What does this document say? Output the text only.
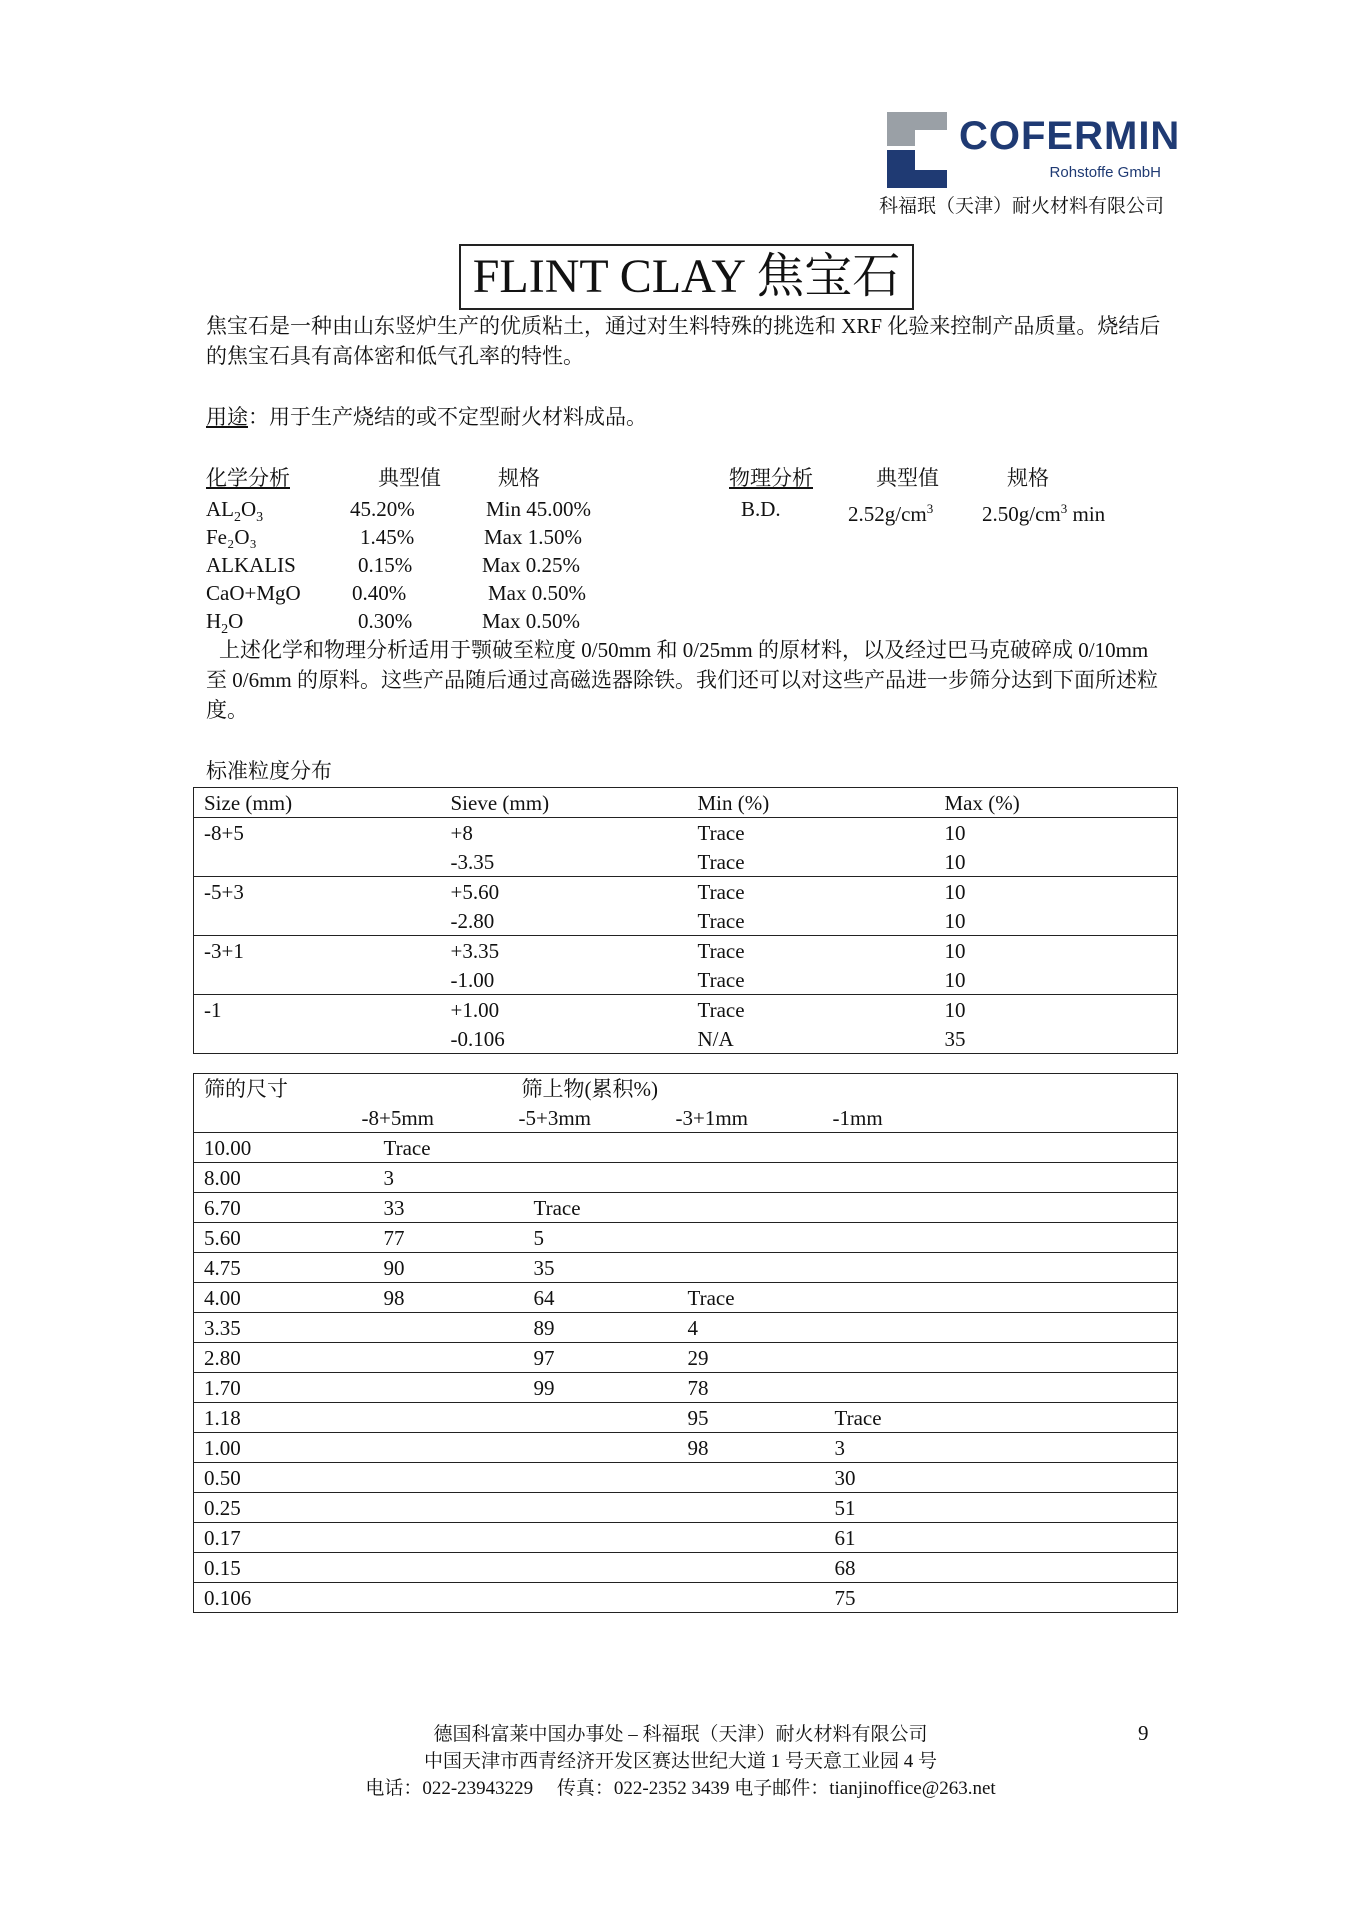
COFERMIN
Rohstoffe GmbH
科福珉（天津）耐火材料有限公司
FLINT CLAY 焦宝石
焦宝石是一种由山东竖炉生产的优质粘土，通过对生料特殊的挑选和 XRF 化验来控制产品质量。烧结后的焦宝石具有高体密和低气孔率的特性。
用途：用于生产烧结的或不定型耐火材料成品。
化学分析	典型值	规格
$AL_2O_3$	45.20%	Min 45.00%
Fe₂O₃	1.45%	Max 1.50%
ALKALIS	0.15%	Max 0.25%
CaO+MgO 0.40%	Max 0.50%
$H_2O$	0.30%	Max 0.50%
物理分析	典型值	规格
B.D.	$2.52g/cm^3$ $2.50g/cm^3$ min
上述化学和物理分析适用于颚破至粒度 0/50mm 和 0/25mm 的原材料，以及经过巴马克破碎成 0/10mm 至 0/6mm 的原料。这些产品随后通过高磁选器除铁。我们还可以对这些产品进一步筛分达到下面所述粒度。
标准粒度分布
Size (mm)	Sieve (mm)	Min (%)	Max (%)
-8+5	+8	Trace	10
	-3.35	Trace	10
-5+3	+5.60	Trace	10
	-2.80	Trace	10
-3+1	+3.35	Trace	10
	-1.00	Trace	10
-1	+1.00	Trace	10
	-0.106	N/A	35
筛的尺寸	筛上物(累积%)			
	-8+5mm	-5+3mm	-3+1mm	-1mm
10.00	Trace			
8.00	3			
6.70	33	Trace		
5.60	77	5		
4.75	90	35		
4.00	98	64	Trace	
3.35		89	4	
2.80		97	29	
1.70		99	78	
1.18			95	Trace
1.00			98	3
0.50				30
0.25				51
0.17				61
0.15				68
0.106				75
德国科富莱中国办事处 – 科福珉（天津）耐火材料有限公司
中国天津市西青经济开发区赛达世纪大道 1 号天意工业园 4 号
电话：022-23943229　 传真：022-2352 3439 电子邮件：tianjinoffice@263.net
9
